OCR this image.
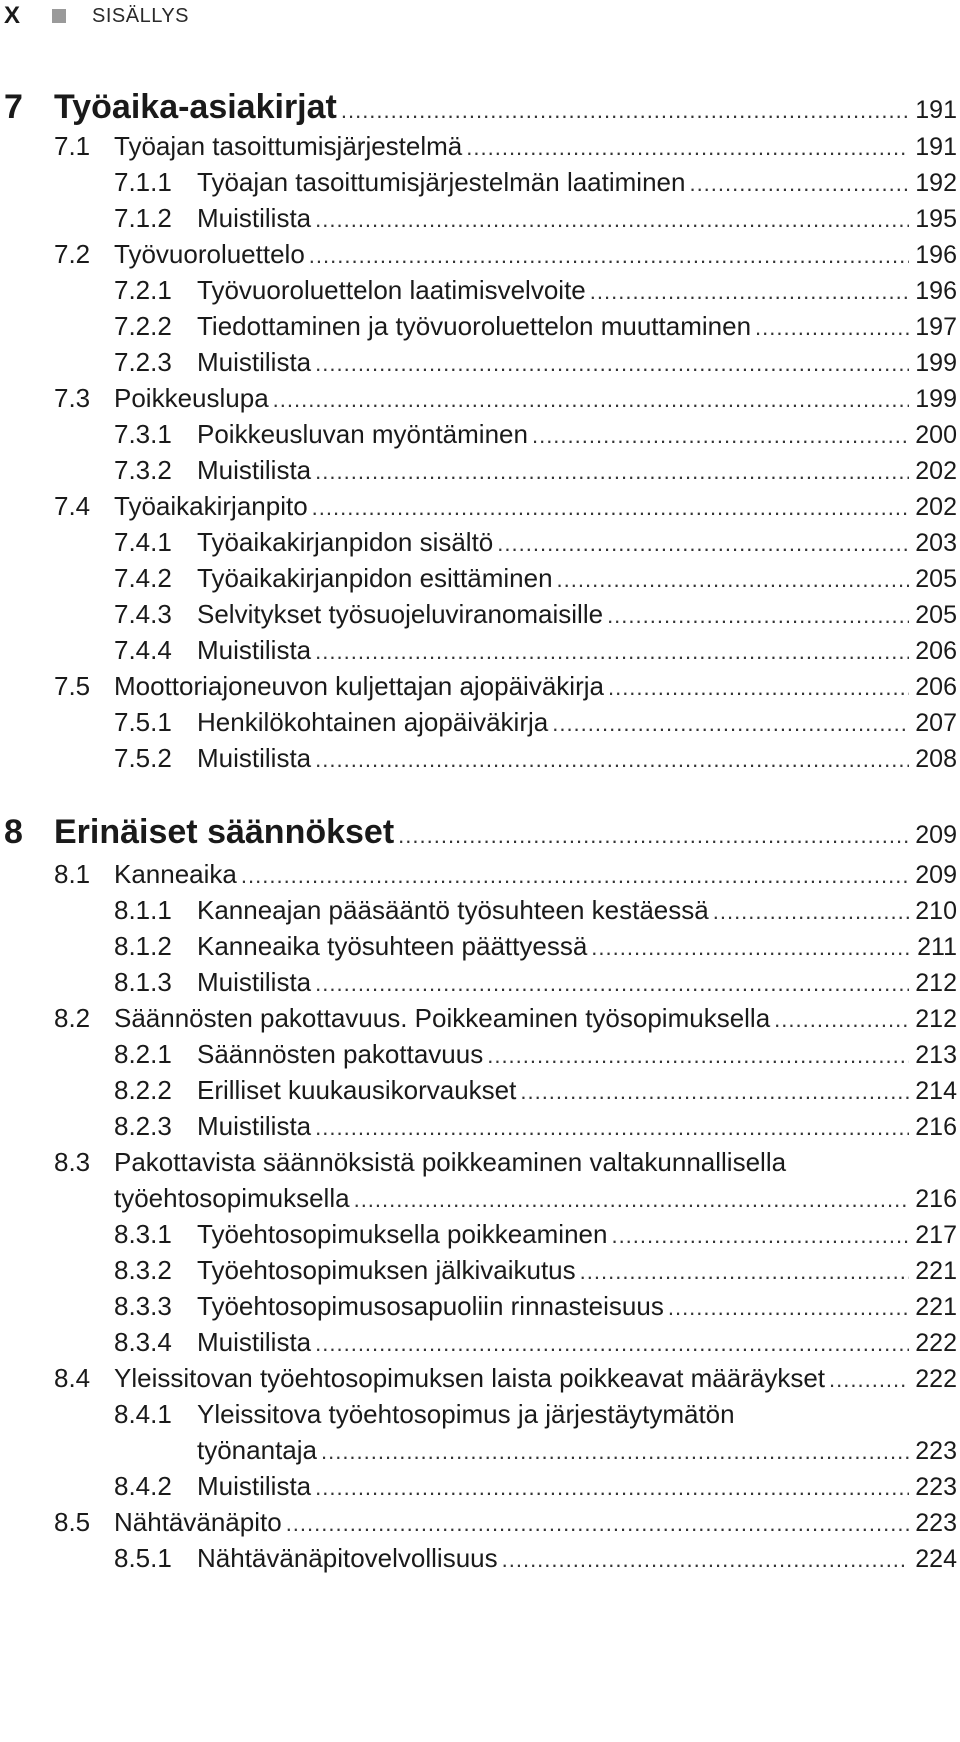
X	SISÄLLYS
7 Työaika-asiakirjat .....	191
7.1 Työajan tasoittumisjärjestelmä .....	191
7.1.1 Työajan tasoittumisjärjestelmän laatiminen .....	192
7.1.2 Muistilista .....	195
7.2 Työvuoroluettelo .....	196
7.2.1 Työvuoroluettelon laatimisvelvoite .....	196
7.2.2 Tiedottaminen ja työvuoroluettelon muuttaminen .....	197
7.2.3 Muistilista .....	199
7.3 Poikkeuslupa .....	199
7.3.1 Poikkeusluvan myöntäminen .....	200
7.3.2 Muistilista .....	202
7.4 Työaikakirjanpito .....	202
7.4.1 Työaikakirjanpidon sisältö .....	203
7.4.2 Työaikakirjanpidon esittäminen .....	205
7.4.3 Selvitykset työsuojeluviranomaisille .....	205
7.4.4 Muistilista .....	206
7.5 Moottoriajoneuvon kuljettajan ajopäiväkirja .....	206
7.5.1 Henkilökohtainen ajopäiväkirja .....	207
7.5.2 Muistilista .....	208
8 Erinäiset säännökset .....	209
8.1 Kanneaika .....	209
8.1.1 Kanneajan pääsääntö työsuhteen kestäessä .....	210
8.1.2 Kanneaika työsuhteen päättyessä .....	211
8.1.3 Muistilista .....	212
8.2 Säännösten pakottavuus. Poikkeaminen työsopimuksella .....	212
8.2.1 Säännösten pakottavuus .....	213
8.2.2 Erilliset kuukausikorvaukset .....	214
8.2.3 Muistilista .....	216
8.3 Pakottavista säännöksistä poikkeaminen valtakunnallisella
työehtosopimuksella .....	216
8.3.1 Työehtosopimuksella poikkeaminen .....	217
8.3.2 Työehtosopimuksen jälkivaikutus .....	221
8.3.3 Työehtosopimusosapuoliin rinnasteisuus .....	221
8.3.4 Muistilista .....	222
8.4 Yleissitovan työehtosopimuksen laista poikkeavat määräykset .....	222
8.4.1 Yleissitova työehtosopimus ja järjestäytymätön
työnantaja .....	223
8.4.2 Muistilista .....	223
8.5 Nähtävänäpito .....	223
8.5.1 Nähtävänäpitovelvollisuus .....	224
